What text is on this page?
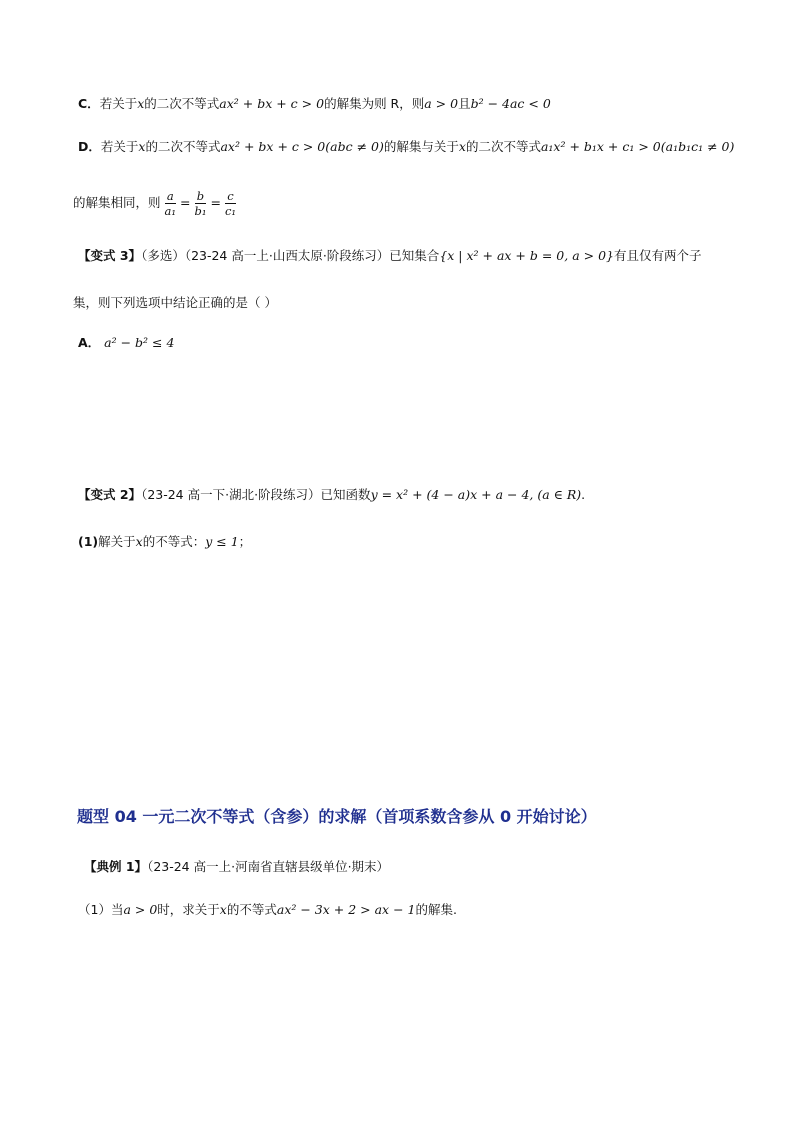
C．若关于x的二次不等式ax² + bx + c > 0的解集为则 R，则a > 0且b² − 4ac < 0
D．若关于x的二次不等式ax² + bx + c > 0(abc ≠ 0)的解集与关于x的二次不等式a₁x² + b₁x + c₁ > 0(a₁b₁c₁ ≠ 0)
的解集相同，则 $\frac{a}{\text{a₁}} = \frac{b}{\text{b₁}} = \frac{c}{\text{c₁}}$
【变式 3】（多选）（23-24 高一上·山西太原·阶段练习）已知集合{x | x² + ax + b = 0, a > 0}有且仅有两个子
集，则下列选项中结论正确的是（ ）
A． a² − b² ≤ 4
【变式 2】（23-24 高一下·湖北·阶段练习）已知函数y = x² + (4 − a)x + a − 4, (a ∈ R).
(1)解关于x的不等式：y ≤ 1；
题型 04 一元二次不等式（含参）的求解（首项系数含参从 0 开始讨论）
【典例 1】（23-24 高一上·河南省直辖县级单位·期末）
（1）当a > 0时，求关于x的不等式ax² − 3x + 2 > ax − 1的解集.
